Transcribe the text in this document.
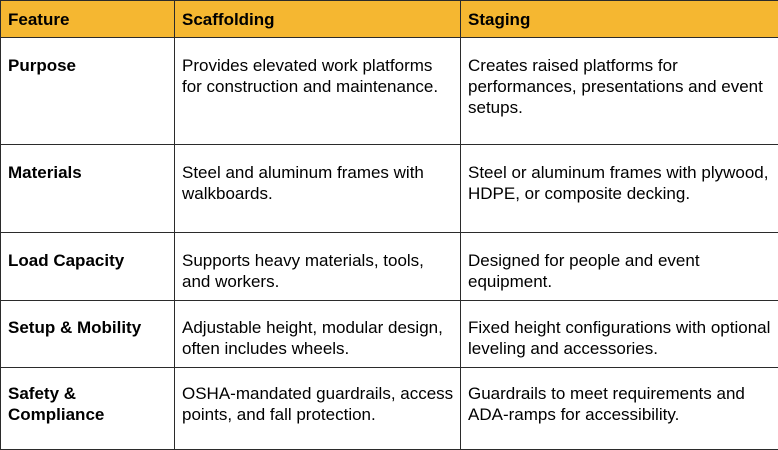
Feature	Scaffolding	Staging
Purpose	Provides elevated work platforms for construction and maintenance.	Creates raised platforms for performances, presentations and event setups.
Materials	Steel and aluminum frames with walkboards.	Steel or aluminum frames with plywood, HDPE, or composite decking.
Load Capacity	Supports heavy materials, tools, and workers.	Designed for people and event equipment.
Setup & Mobility	Adjustable height, modular design, often includes wheels.	Fixed height configurations with optional leveling and accessories.
Safety & Compliance	OSHA-mandated guardrails, access points, and fall protection.	Guardrails to meet requirements and ADA-ramps for accessibility.
